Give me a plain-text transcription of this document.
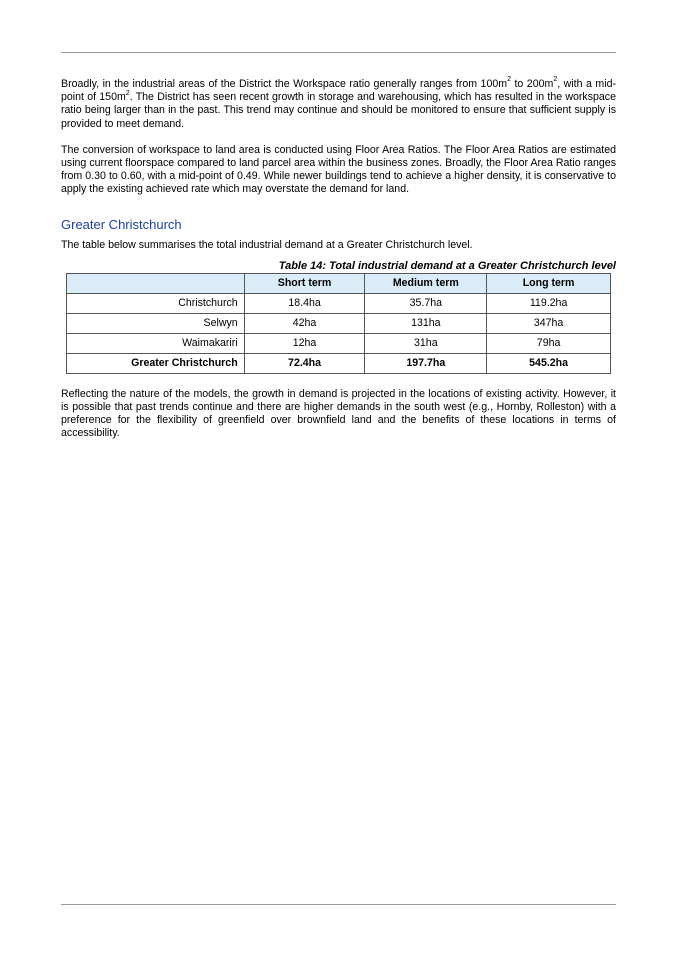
Broadly, in the industrial areas of the District the Workspace ratio generally ranges from $100m^2$ to $200m^2$, with a mid-point of $150m^2$. The District has seen recent growth in storage and warehousing, which has resulted in the workspace ratio being larger than in the past. This trend may continue and should be monitored to ensure that sufficient supply is provided to meet demand.

The conversion of workspace to land area is conducted using Floor Area Ratios. The Floor Area Ratios are estimated using current floorspace compared to land parcel area within the business zones. Broadly, the Floor Area Ratio ranges from 0.30 to 0.60, with a mid-point of 0.49. While newer buildings tend to achieve a higher density, it is conservative to apply the existing achieved rate which may overstate the demand for land.

Greater Christchurch

The table below summarises the total industrial demand at a Greater Christchurch level.

Table 14: Total industrial demand at a Greater Christchurch level
	Short term	Medium term	Long term
Christchurch	18.4ha	35.7ha	119.2ha
Selwyn	42ha	131ha	347ha
Waimakariri	12ha	31ha	79ha
Greater Christchurch	72.4ha	197.7ha	545.2ha

Reflecting the nature of the models, the growth in demand is projected in the locations of existing activity. However, it is possible that past trends continue and there are higher demands in the south west (e.g., Hornby, Rolleston) with a preference for the flexibility of greenfield over brownfield land and the benefits of these locations in terms of accessibility.
